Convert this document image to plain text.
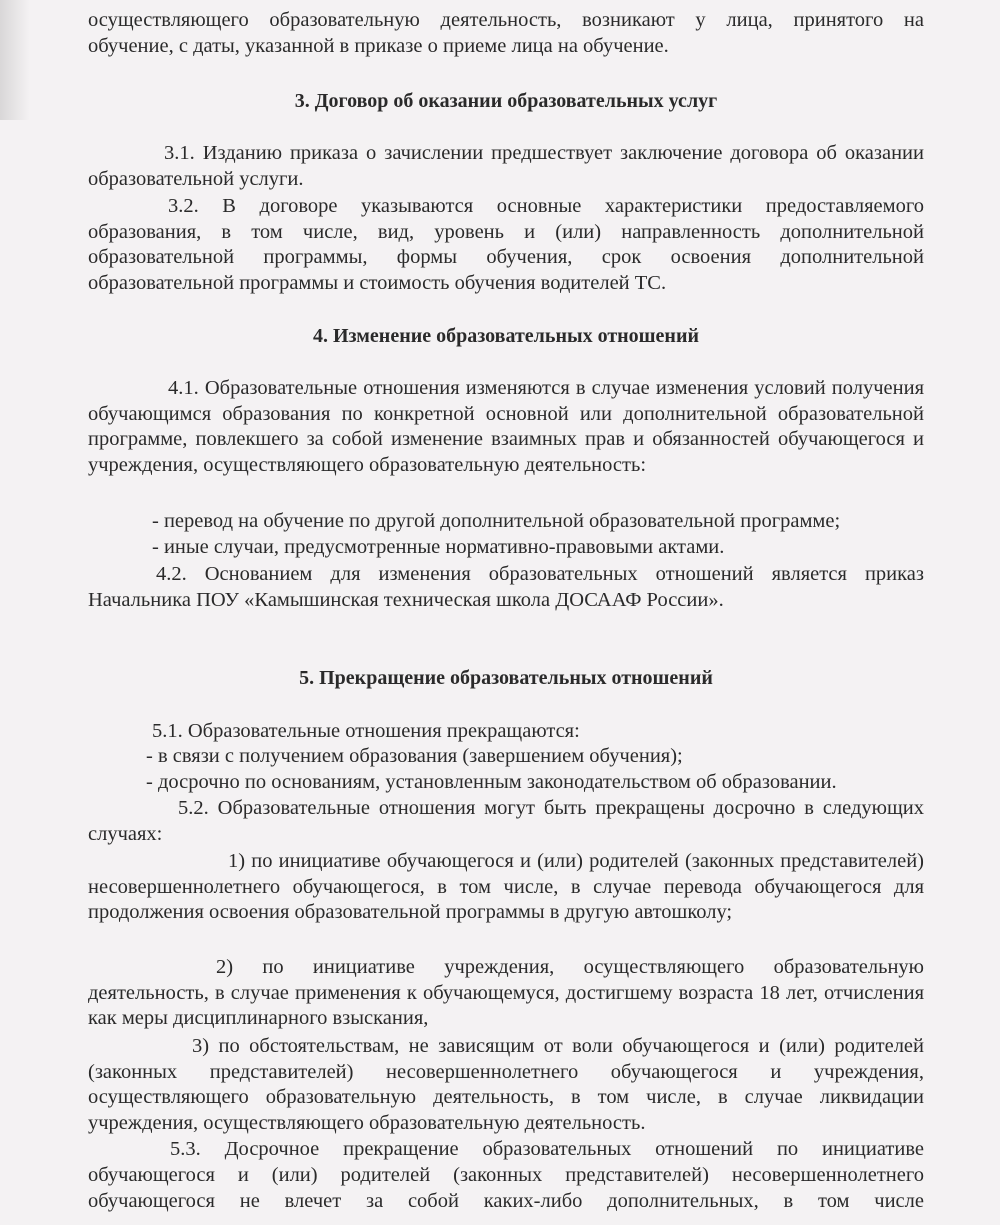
осуществляющего образовательную деятельность, возникают у лица, принятого на

обучение, с даты, указанной в приказе о приеме лица на обучение.

3. Договор об оказании образовательных услуг

3.1. Изданию приказа о зачислении предшествует заключение договора об оказании образовательной услуги.

3.2. В договоре указываются основные характеристики предоставляемого образования, в том числе, вид, уровень и (или) направленность дополнительной образовательной программы, формы обучения, срок освоения дополнительной образовательной программы и стоимость обучения водителей ТС.

4. Изменение образовательных отношений

4.1. Образовательные отношения изменяются в случае изменения условий получения обучающимся образования по конкретной основной или дополнительной образовательной программе, повлекшего за собой изменение взаимных прав и обязанностей обучающегося и учреждения, осуществляющего образовательную деятельность:

- перевод на обучение по другой дополнительной образовательной программе;

- иные случаи, предусмотренные нормативно-правовыми актами.

4.2. Основанием для изменения образовательных отношений является приказ Начальника ПОУ «Камышинская техническая школа ДОСААФ России».

5. Прекращение образовательных отношений

5.1. Образовательные отношения прекращаются:

- в связи с получением образования (завершением обучения);

- досрочно по основаниям, установленным законодательством об образовании.

5.2. Образовательные отношения могут быть прекращены досрочно в следующих случаях:

1) по инициативе обучающегося и (или) родителей (законных представителей) несовершеннолетнего обучающегося, в том числе, в случае перевода обучающегося для продолжения освоения образовательной программы в другую автошколу;

2) по инициативе учреждения, осуществляющего образовательную деятельность, в случае применения к обучающемуся, достигшему возраста 18 лет, отчисления как меры дисциплинарного взыскания,

3) по обстоятельствам, не зависящим от воли обучающегося и (или) родителей (законных представителей) несовершеннолетнего обучающегося и учреждения, осуществляющего образовательную деятельность, в том числе, в случае ликвидации учреждения, осуществляющего образовательную деятельность.

5.3. Досрочное прекращение образовательных отношений по инициативе

обучающегося и (или) родителей (законных представителей) несовершеннолетнего

обучающегося не влечет за собой каких-либо дополнительных, в том числе
